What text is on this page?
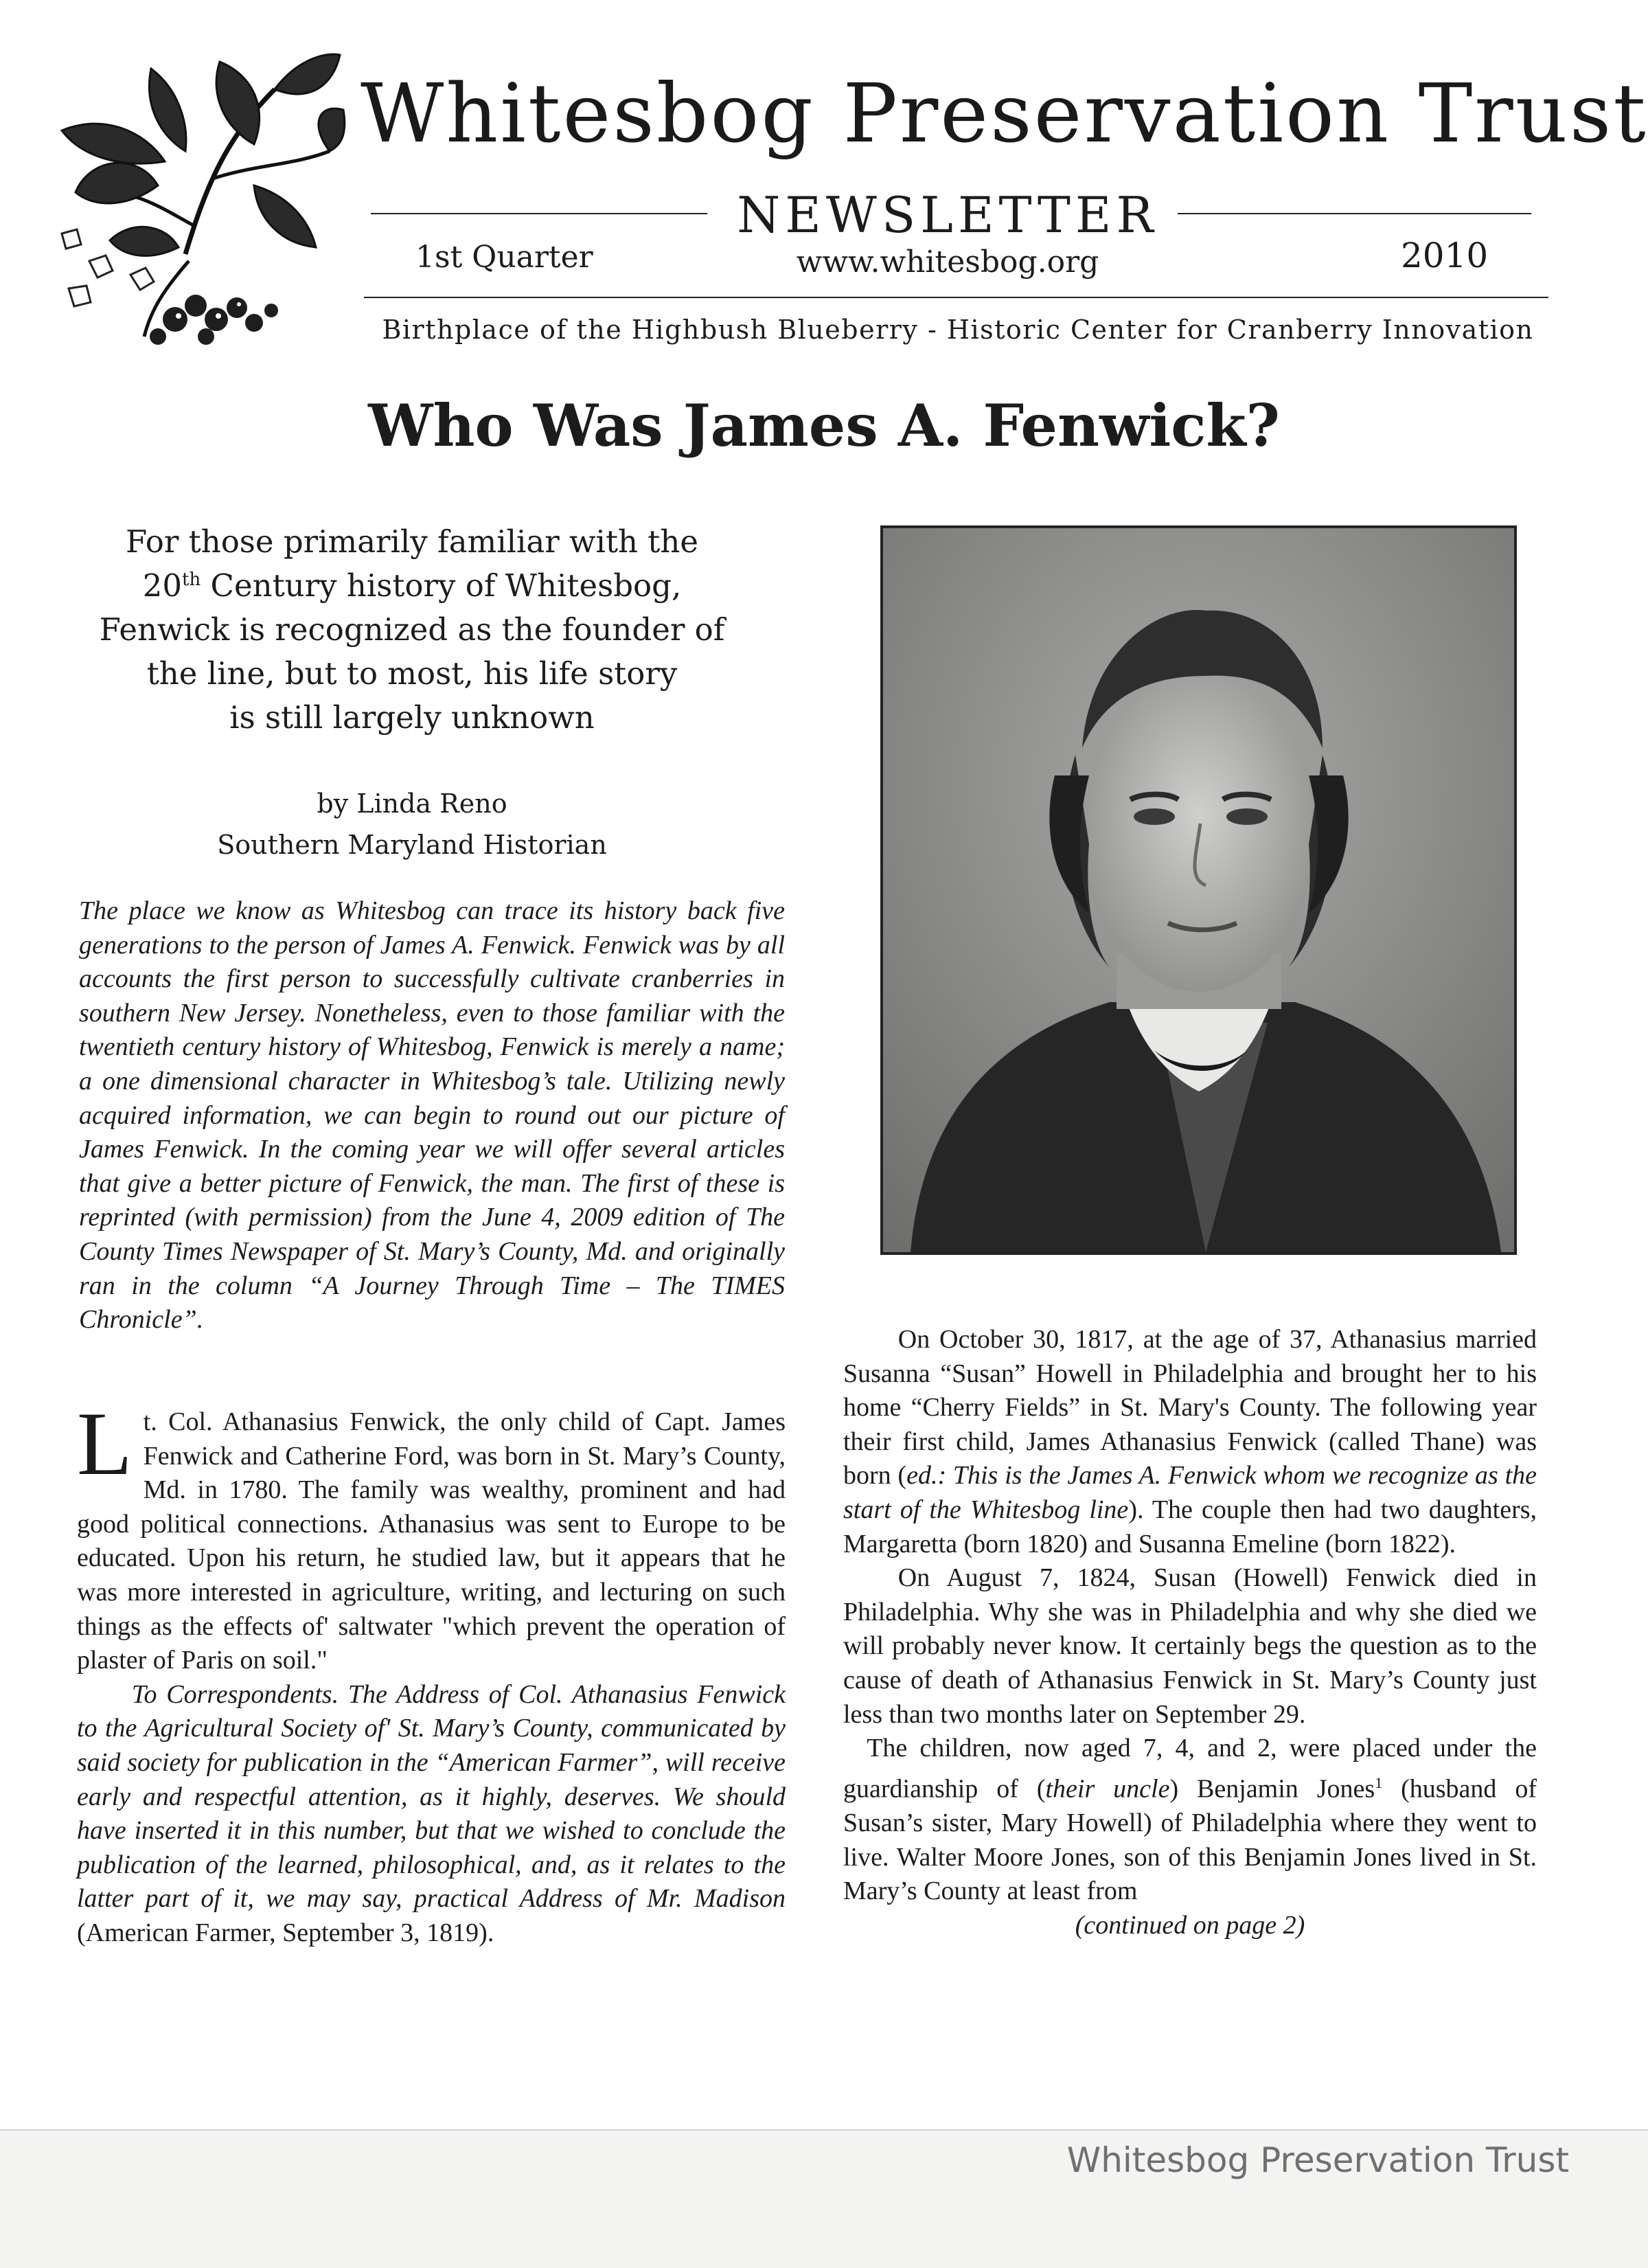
Whitesbog Preservation Trust
NEWSLETTER
1st Quarter	www.whitesbog.org	2010
Birthplace of the Highbush Blueberry - Historic Center for Cranberry Innovation
Who Was James A. Fenwick?
For those primarily familiar with the
20th Century history of Whitesbog,
Fenwick is recognized as the founder of
the line, but to most, his life story
is still largely unknown
by Linda Reno
Southern Maryland Historian

The place we know as Whitesbog can trace its history back five generations to the person of James A. Fenwick. Fenwick was by all accounts the first person to successfully cultivate cranberries in southern New Jersey. Nonetheless, even to those familiar with the twentieth century history of Whitesbog, Fenwick is merely a name; a one dimensional character in Whitesbog’s tale. Utilizing newly acquired information, we can begin to round out our picture of James Fenwick. In the coming year we will offer several articles that give a better picture of Fenwick, the man. The first of these is reprinted (with permission) from the June 4, 2009 edition of The County Times Newspaper of St. Mary’s County, Md. and originally ran in the column “A Journey Through Time – The TIMES Chronicle”.

Lt. Col. Athanasius Fenwick, the only child of Capt. James Fenwick and Catherine Ford, was born in St. Mary’s County, Md. in 1780. The family was wealthy, prominent and had good political connections. Athanasius was sent to Europe to be educated. Upon his return, he studied law, but it appears that he was more interested in agriculture, writing, and lecturing on such things as the effects of' saltwater "which prevent the operation of plaster of Paris on soil."

To Correspondents. The Address of Col. Athanasius Fenwick to the Agricultural Society of' St. Mary’s County, communicated by said society for publication in the “American Farmer”, will receive early and respectful attention, as it highly, deserves. We should have inserted it in this number, but that we wished to conclude the publication of the learned, philosophical, and, as it relates to the latter part of it, we may say, practical Address of Mr. Madison (American Farmer, September 3, 1819).

On October 30, 1817, at the age of 37, Athanasius married Susanna “Susan” Howell in Philadelphia and brought her to his home “Cherry Fields” in St. Mary's County. The following year their first child, James Athanasius Fenwick (called Thane) was born (ed.: This is the James A. Fenwick whom we recognize as the start of the Whitesbog line). The couple then had two daughters, Margaretta (born 1820) and Susanna Emeline (born 1822).

On August 7, 1824, Susan (Howell) Fenwick died in Philadelphia. Why she was in Philadelphia and why she died we will probably never know. It certainly begs the question as to the cause of death of Athanasius Fenwick in St. Mary’s County just less than two months later on September 29.

The children, now aged 7, 4, and 2, were placed under the guardianship of (their uncle) Benjamin Jones$^1$ (husband of Susan’s sister, Mary Howell) of Philadelphia where they went to live. Walter Moore Jones, son of this Benjamin Jones lived in St. Mary’s County at least from

(continued on page 2)

Whitesbog Preservation Trust
